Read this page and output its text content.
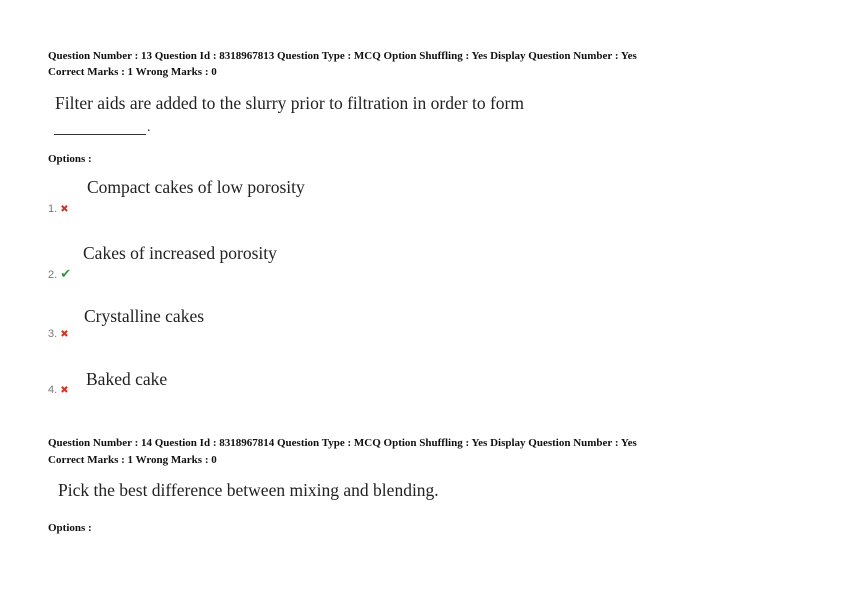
Question Number : 13 Question Id : 8318967813 Question Type : MCQ Option Shuffling : Yes Display Question Number : Yes
Correct Marks : 1 Wrong Marks : 0
Filter aids are added to the slurry prior to filtration in order to form
.
Options :
Compact cakes of low porosity
1. ✖
Cakes of increased porosity
2. ✔
Crystalline cakes
3. ✖
Baked cake
4. ✖
Question Number : 14 Question Id : 8318967814 Question Type : MCQ Option Shuffling : Yes Display Question Number : Yes
Correct Marks : 1 Wrong Marks : 0
Pick the best difference between mixing and blending.
Options :
